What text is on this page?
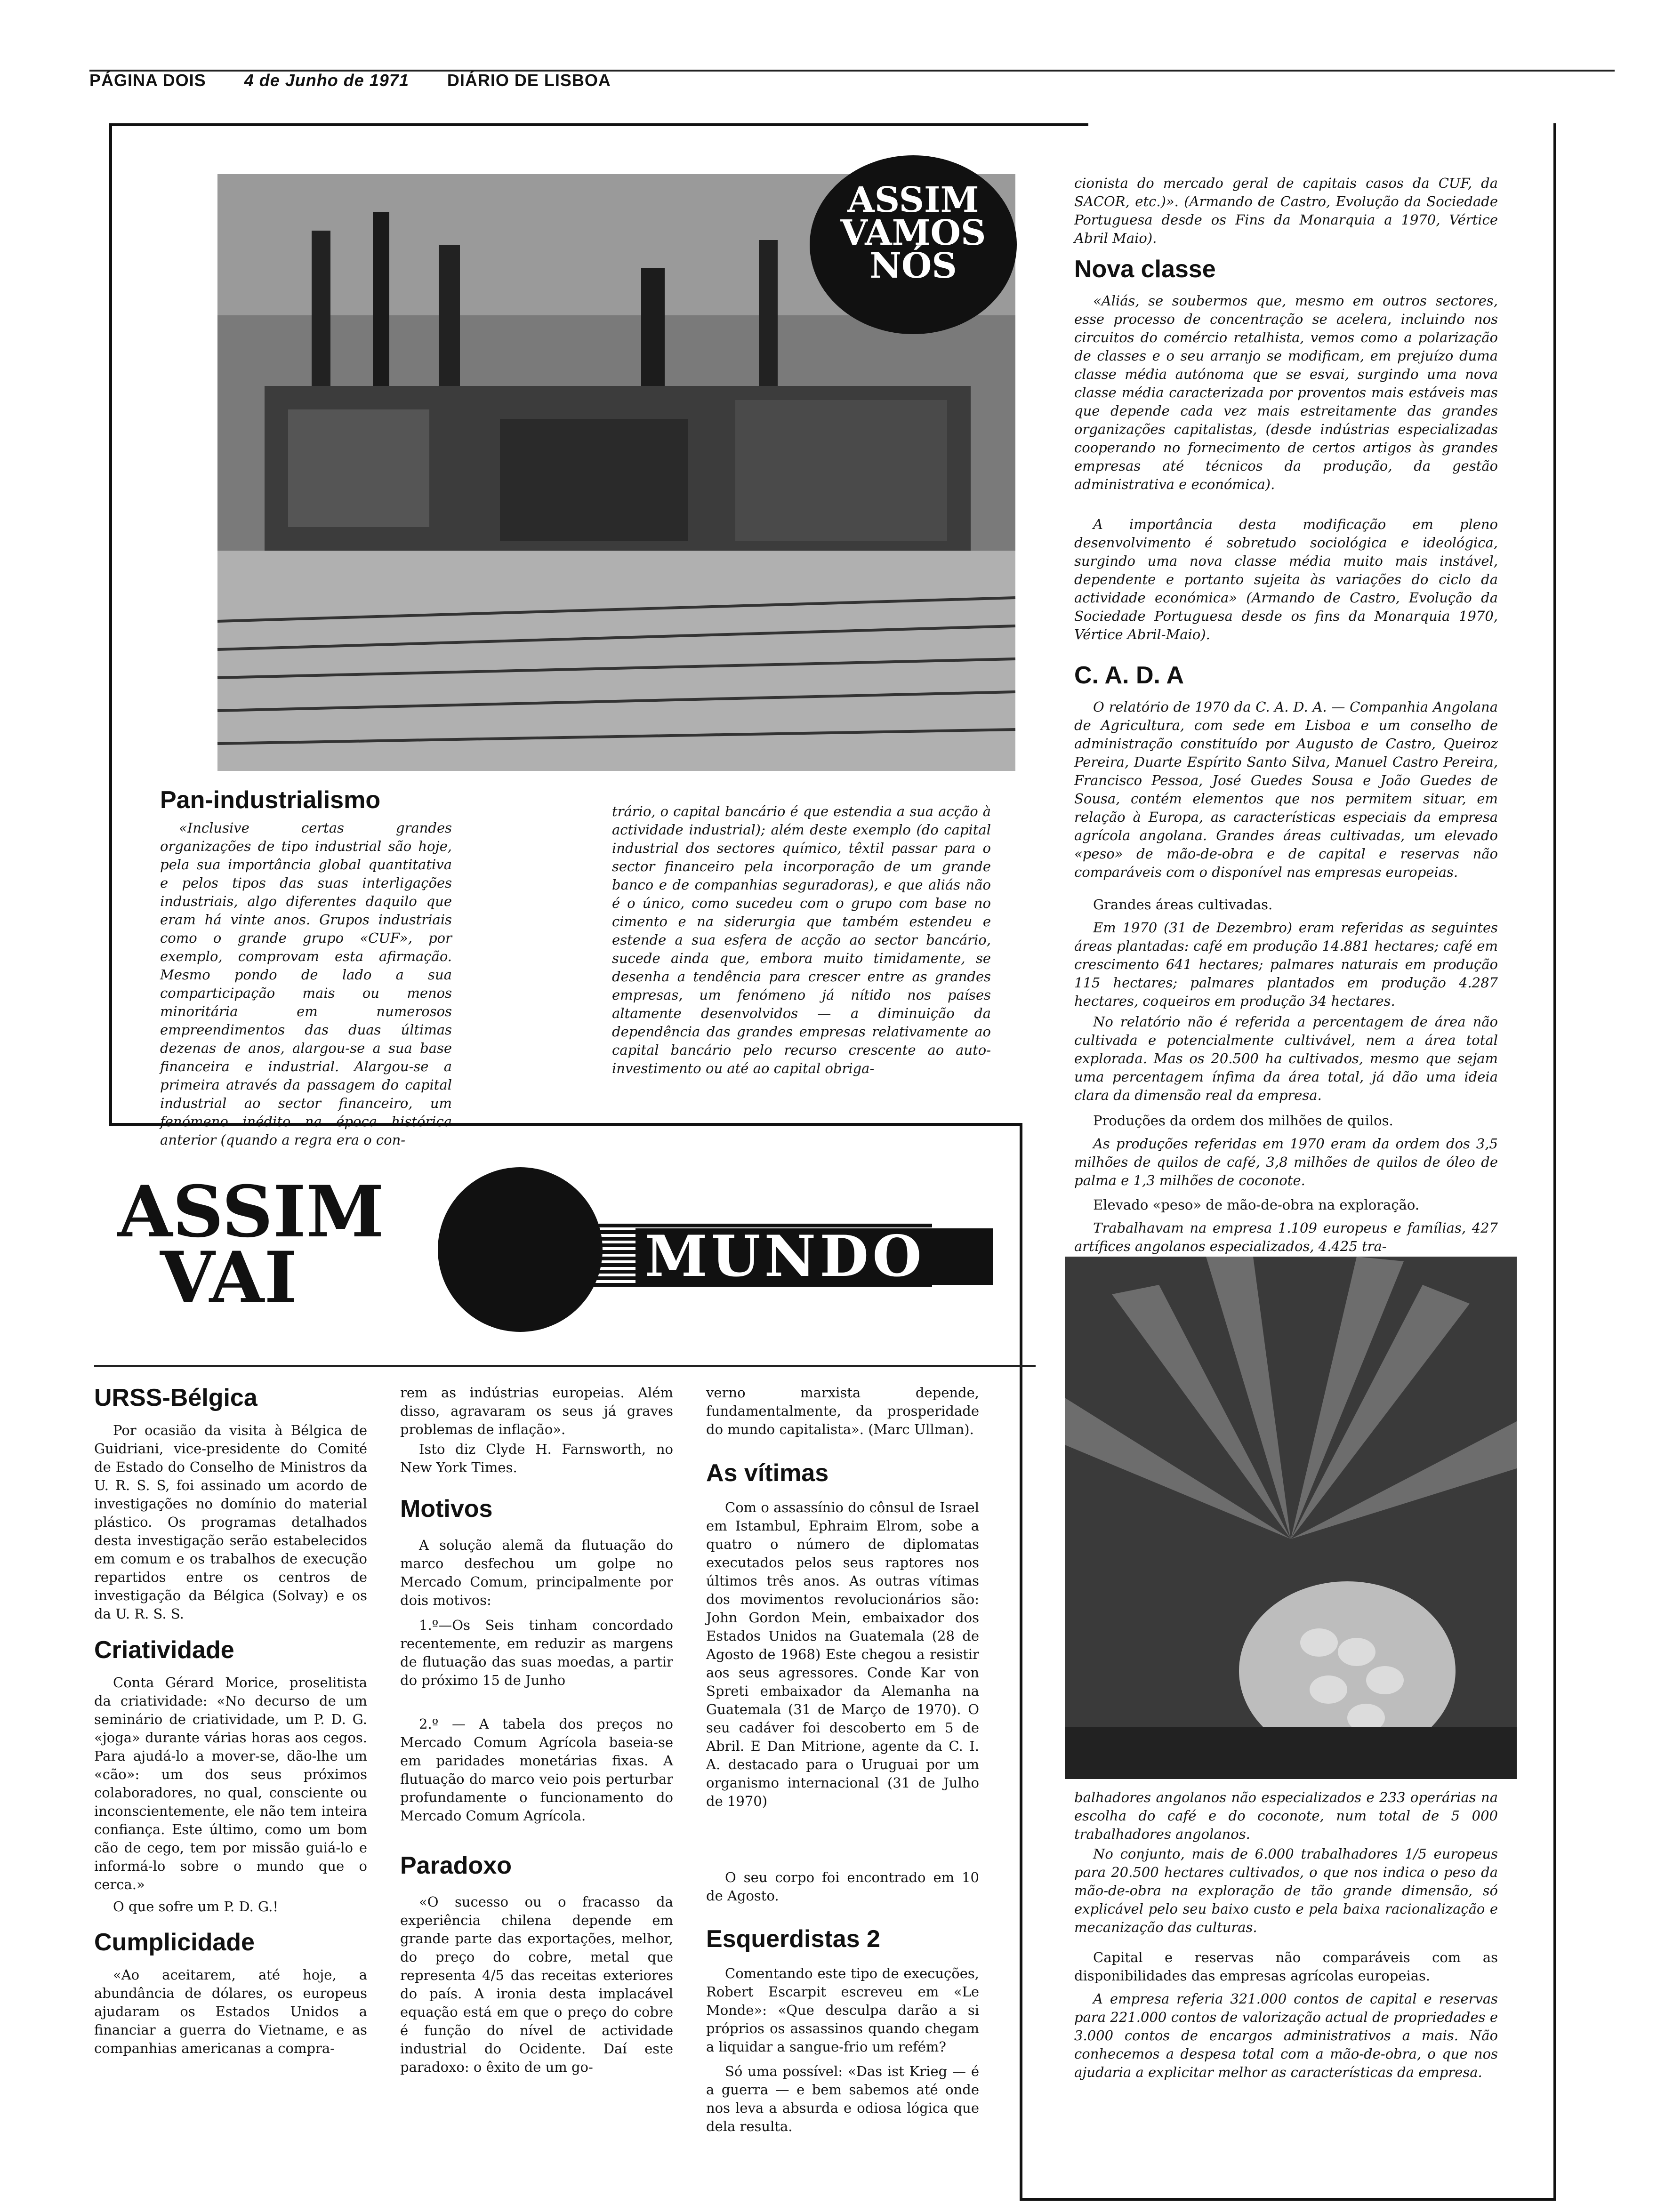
PÁGINA DOIS 4 de Junho de 1971 DIÁRIO DE LISBOA
ASSIM
VAMOS
NÓS
Pan-industrialismo

«Inclusive certas grandes organizações de tipo industrial são hoje, pela sua importância global quantitativa e pelos tipos das suas interligações industriais, algo diferentes daquilo que eram há vinte anos. Grupos industriais como o grande grupo «CUF», por exemplo, comprovam esta afirmação. Mesmo pondo de lado a sua comparticipação mais ou menos minoritária em numerosos empreendimentos das duas últimas dezenas de anos, alargou-se a sua base financeira e industrial. Alargou-se a primeira através da passagem do capital industrial ao sector financeiro, um fenómeno inédito na época histórica anterior (quando a regra era o con-

trário, o capital bancário é que estendia a sua acção à actividade industrial); além deste exemplo (do capital industrial dos sectores químico, têxtil passar para o sector financeiro pela incorporação de um grande banco e de companhias seguradoras), e que aliás não é o único, como sucedeu com o grupo com base no cimento e na siderurgia que também estendeu e estende a sua esfera de acção ao sector bancário, sucede ainda que, embora muito timidamente, se desenha a tendência para crescer entre as grandes empresas, um fenómeno já nítido nos países altamente desenvolvidos — a diminuição da dependência das grandes empresas relativamente ao capital bancário pelo recurso crescente ao auto-investimento ou até ao capital obriga-

cionista do mercado geral de capitais casos da CUF, da SACOR, etc.)». (Armando de Castro, Evolução da Sociedade Portuguesa desde os Fins da Monarquia a 1970, Vértice Abril Maio).

Nova classe

«Aliás, se soubermos que, mesmo em outros sectores, esse processo de concentração se acelera, incluindo nos circuitos do comércio retalhista, vemos como a polarização de classes e o seu arranjo se modificam, em prejuízo duma classe média autónoma que se esvai, surgindo uma nova classe média caracterizada por proventos mais estáveis mas que depende cada vez mais estreitamente das grandes organizações capitalistas, (desde indústrias especializadas cooperando no fornecimento de certos artigos às grandes empresas até técnicos da produção, da gestão administrativa e económica).

A importância desta modificação em pleno desenvolvimento é sobretudo sociológica e ideológica, surgindo uma nova classe média muito mais instável, dependente e portanto sujeita às variações do ciclo da actividade económica» (Armando de Castro, Evolução da Sociedade Portuguesa desde os fins da Monarquia 1970, Vértice Abril-Maio).

C. A. D. A

O relatório de 1970 da C. A. D. A. — Companhia Angolana de Agricultura, com sede em Lisboa e um conselho de administração constituído por Augusto de Castro, Queiroz Pereira, Duarte Espírito Santo Silva, Manuel Castro Pereira, Francisco Pessoa, José Guedes Sousa e João Guedes de Sousa, contém elementos que nos permitem situar, em relação à Europa, as características especiais da empresa agrícola angolana. Grandes áreas cultivadas, um elevado «peso» de mão-de-obra e de capital e reservas não comparáveis com o disponível nas empresas europeias.

Grandes áreas cultivadas.

Em 1970 (31 de Dezembro) eram referidas as seguintes áreas plantadas: café em produção 14.881 hectares; café em crescimento 641 hectares; palmares naturais em produção 115 hectares; palmares plantados em produção 4.287 hectares, coqueiros em produção 34 hectares.

No relatório não é referida a percentagem de área não cultivada e potencialmente cultivável, nem a área total explorada. Mas os 20.500 ha cultivados, mesmo que sejam uma percentagem ínfima da área total, já dão uma ideia clara da dimensão real da empresa.

Produções da ordem dos milhões de quilos.

As produções referidas em 1970 eram da ordem dos 3,5 milhões de quilos de café, 3,8 milhões de quilos de óleo de palma e 1,3 milhões de coconote.

Elevado «peso» de mão-de-obra na exploração.

Trabalhavam na empresa 1.109 europeus e famílias, 427 artífices angolanos especializados, 4.425 tra-

balhadores angolanos não especializados e 233 operárias na escolha do café e do coconote, num total de 5 000 trabalhadores angolanos.

No conjunto, mais de 6.000 trabalhadores 1/5 europeus para 20.500 hectares cultivados, o que nos indica o peso da mão-de-obra na exploração de tão grande dimensão, só explicável pelo seu baixo custo e pela baixa racionalização e mecanização das culturas.

Capital e reservas não comparáveis com as disponibilidades das empresas agrícolas europeias.

A empresa referia 321.000 contos de capital e reservas para 221.000 contos de valorização actual de propriedades e 3.000 contos de encargos administrativos a mais. Não conhecemos a despesa total com a mão-de-obra, o que nos ajudaria a explicitar melhor as características da empresa.

ASSIM
VAI	MUNDO
URSS-Bélgica

Por ocasião da visita à Bélgica de Guidriani, vice-presidente do Comité de Estado do Conselho de Ministros da U. R. S. S, foi assinado um acordo de investigações no domínio do material plástico. Os programas detalhados desta investigação serão estabelecidos em comum e os trabalhos de execução repartidos entre os centros de investigação da Bélgica (Solvay) e os da U. R. S. S.

Criatividade

Conta Gérard Morice, proselitista da criatividade: «No decurso de um seminário de criatividade, um P. D. G. «joga» durante várias horas aos cegos. Para ajudá-lo a mover-se, dão-lhe um «cão»: um dos seus próximos colaboradores, no qual, consciente ou inconscientemente, ele não tem inteira confiança. Este último, como um bom cão de cego, tem por missão guiá-lo e informá-lo sobre o mundo que o cerca.»

O que sofre um P. D. G.!

Cumplicidade

«Ao aceitarem, até hoje, a abundância de dólares, os europeus ajudaram os Estados Unidos a financiar a guerra do Vietname, e as companhias americanas a compra-

rem as indústrias europeias. Além disso, agravaram os seus já graves problemas de inflação».

Isto diz Clyde H. Farnsworth, no New York Times.

Motivos

A solução alemã da flutuação do marco desfechou um golpe no Mercado Comum, principalmente por dois motivos:

1.º—Os Seis tinham concordado recentemente, em reduzir as margens de flutuação das suas moedas, a partir do próximo 15 de Junho

2.º — A tabela dos preços no Mercado Comum Agrícola baseia-se em paridades monetárias fixas. A flutuação do marco veio pois perturbar profundamente o funcionamento do Mercado Comum Agrícola.

Paradoxo

«O sucesso ou o fracasso da experiência chilena depende em grande parte das exportações, melhor, do preço do cobre, metal que representa 4/5 das receitas exteriores do país. A ironia desta implacável equação está em que o preço do cobre é função do nível de actividade industrial do Ocidente. Daí este paradoxo: o êxito de um go-

verno marxista depende, fundamentalmente, da prosperidade do mundo capitalista». (Marc Ullman).

As vítimas

Com o assassínio do cônsul de Israel em Istambul, Ephraim Elrom, sobe a quatro o número de diplomatas executados pelos seus raptores nos últimos três anos. As outras vítimas dos movimentos revolucionários são: John Gordon Mein, embaixador dos Estados Unidos na Guatemala (28 de Agosto de 1968) Este chegou a resistir aos seus agressores. Conde Kar von Spreti embaixador da Alemanha na Guatemala (31 de Março de 1970). O seu cadáver foi descoberto em 5 de Abril. E Dan Mitrione, agente da C. I. A. destacado para o Uruguai por um organismo internacional (31 de Julho de 1970)

O seu corpo foi encontrado em 10 de Agosto.

Esquerdistas 2

Comentando este tipo de execuções, Robert Escarpit escreveu em «Le Monde»: «Que desculpa darão a si próprios os assassinos quando chegam a liquidar a sangue-frio um refém?

Só uma possível: «Das ist Krieg — é a guerra — e bem sabemos até onde nos leva a absurda e odiosa lógica que dela resulta.
